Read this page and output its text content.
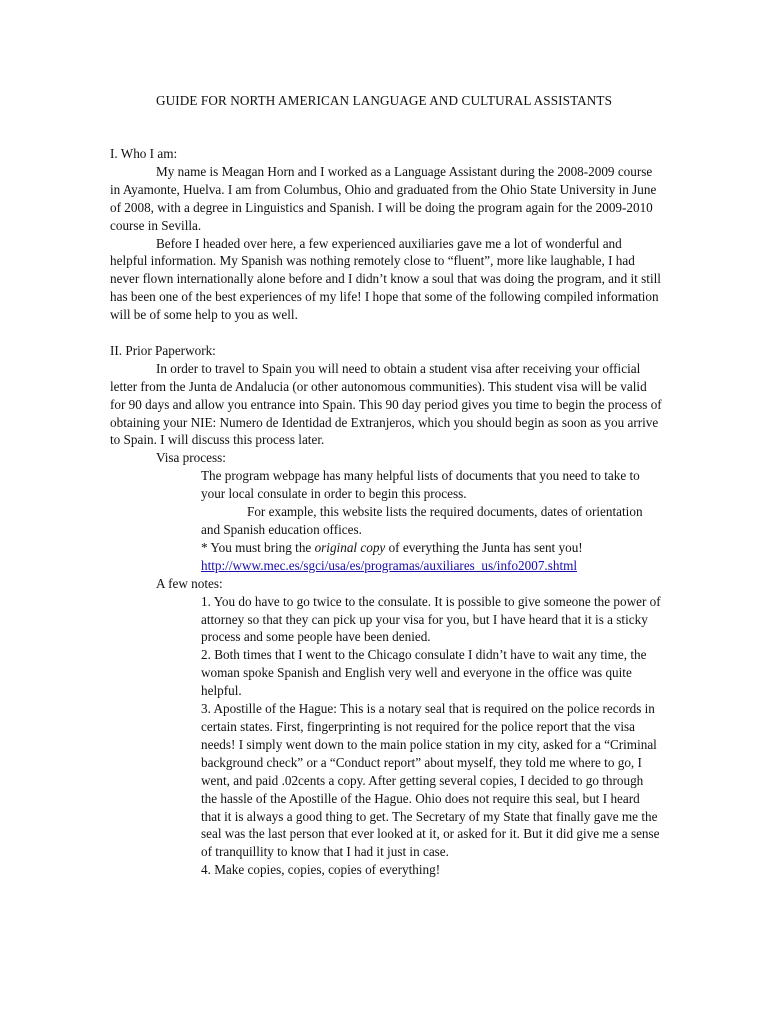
GUIDE FOR NORTH AMERICAN LANGUAGE AND CULTURAL ASSISTANTS

I. Who I am:

My name is Meagan Horn and I worked as a Language Assistant during the 2008-2009 course in Ayamonte, Huelva. I am from Columbus, Ohio and graduated from the Ohio State University in June of 2008, with a degree in Linguistics and Spanish. I will be doing the program again for the 2009-2010 course in Sevilla.

Before I headed over here, a few experienced auxiliaries gave me a lot of wonderful and helpful information. My Spanish was nothing remotely close to “fluent”, more like laughable, I had never flown internationally alone before and I didn’t know a soul that was doing the program, and it still has been one of the best experiences of my life! I hope that some of the following compiled information will be of some help to you as well.

II. Prior Paperwork:

In order to travel to Spain you will need to obtain a student visa after receiving your official letter from the Junta de Andalucia (or other autonomous communities). This student visa will be valid for 90 days and allow you entrance into Spain. This 90 day period gives you time to begin the process of obtaining your NIE: Numero de Identidad de Extranjeros, which you should begin as soon as you arrive to Spain. I will discuss this process later.

Visa process:

The program webpage has many helpful lists of documents that you need to take to your local consulate in order to begin this process.

For example, this website lists the required documents, dates of orientation and Spanish education offices.

* You must bring the original copy of everything the Junta has sent you!

http://www.mec.es/sgci/usa/es/programas/auxiliares_us/info2007.shtml

A few notes:

1. You do have to go twice to the consulate. It is possible to give someone the power of attorney so that they can pick up your visa for you, but I have heard that it is a sticky process and some people have been denied.

2. Both times that I went to the Chicago consulate I didn’t have to wait any time, the woman spoke Spanish and English very well and everyone in the office was quite helpful.

3. Apostille of the Hague: This is a notary seal that is required on the police records in certain states. First, fingerprinting is not required for the police report that the visa needs! I simply went down to the main police station in my city, asked for a “Criminal background check” or a “Conduct report” about myself, they told me where to go, I went, and paid .02cents a copy. After getting several copies, I decided to go through the hassle of the Apostille of the Hague. Ohio does not require this seal, but I heard that it is always a good thing to get. The Secretary of my State that finally gave me the seal was the last person that ever looked at it, or asked for it. But it did give me a sense of tranquillity to know that I had it just in case.

4. Make copies, copies, copies of everything!
